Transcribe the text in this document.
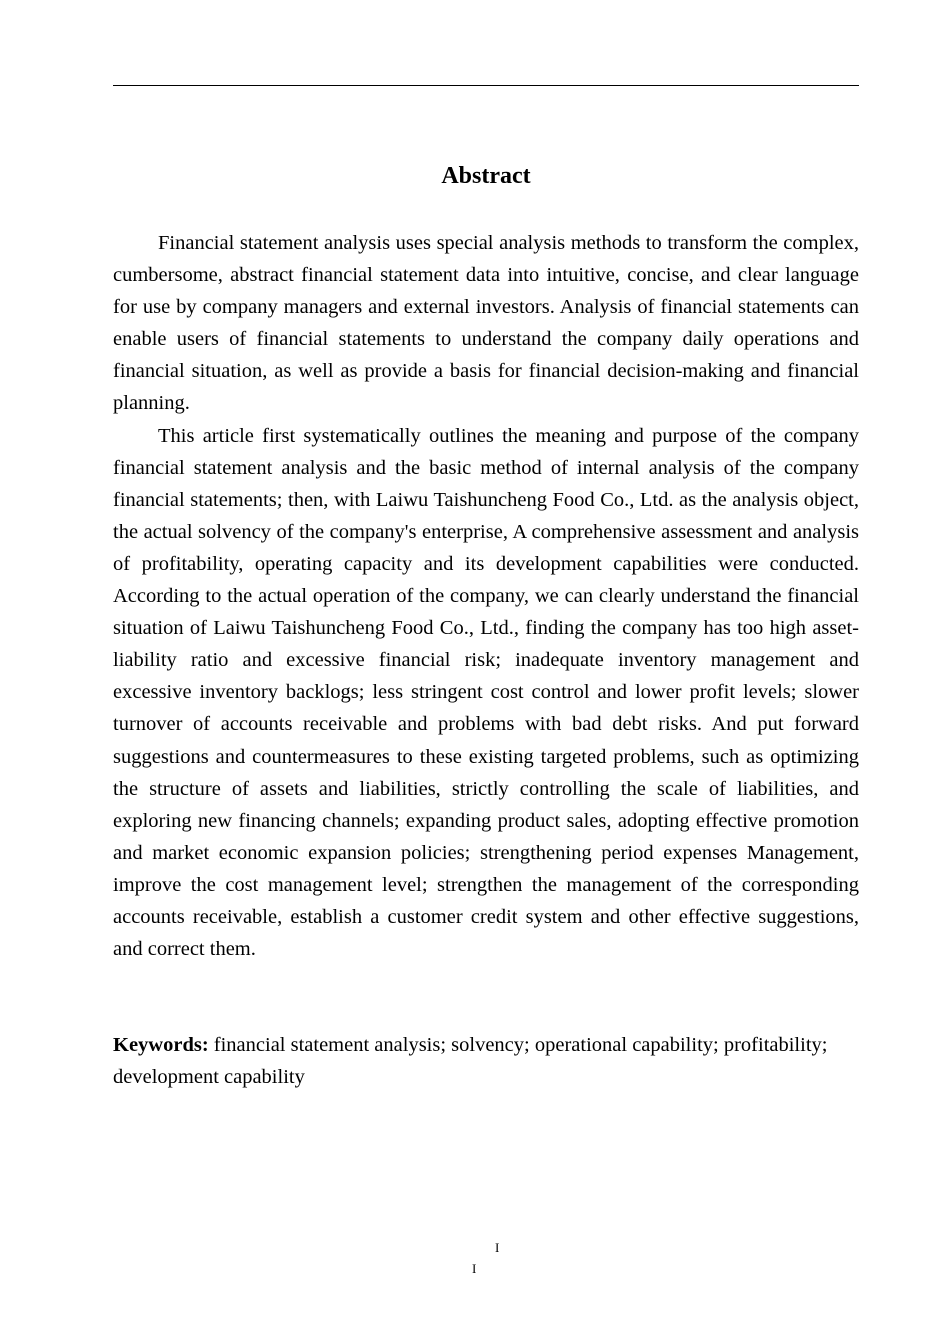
Abstract

Financial statement analysis uses special analysis methods to transform the complex, cumbersome, abstract financial statement data into intuitive, concise, and clear language for use by company managers and external investors. Analysis of financial statements can enable users of financial statements to understand the company daily operations and financial situation, as well as provide a basis for financial decision-making and financial planning.

This article first systematically outlines the meaning and purpose of the company financial statement analysis and the basic method of internal analysis of the company financial statements; then, with Laiwu Taishuncheng Food Co., Ltd. as the analysis object, the actual solvency of the company's enterprise, A comprehensive assessment and analysis of profitability, operating capacity and its development capabilities were conducted. According to the actual operation of the company, we can clearly understand the financial situation of Laiwu Taishuncheng Food Co., Ltd., finding the company has too high asset-liability ratio and excessive financial risk; inadequate inventory management and excessive inventory backlogs; less stringent cost control and lower profit levels; slower turnover of accounts receivable and problems with bad debt risks. And put forward suggestions and countermeasures to these existing targeted problems, such as optimizing the structure of assets and liabilities, strictly controlling the scale of liabilities, and exploring new financing channels; expanding product sales, adopting effective promotion and market economic expansion policies; strengthening period expenses Management, improve the cost management level; strengthen the management of the corresponding accounts receivable, establish a customer credit system and other effective suggestions, and correct them.

Keywords: financial statement analysis; solvency; operational capability; profitability; development capability

I
I
